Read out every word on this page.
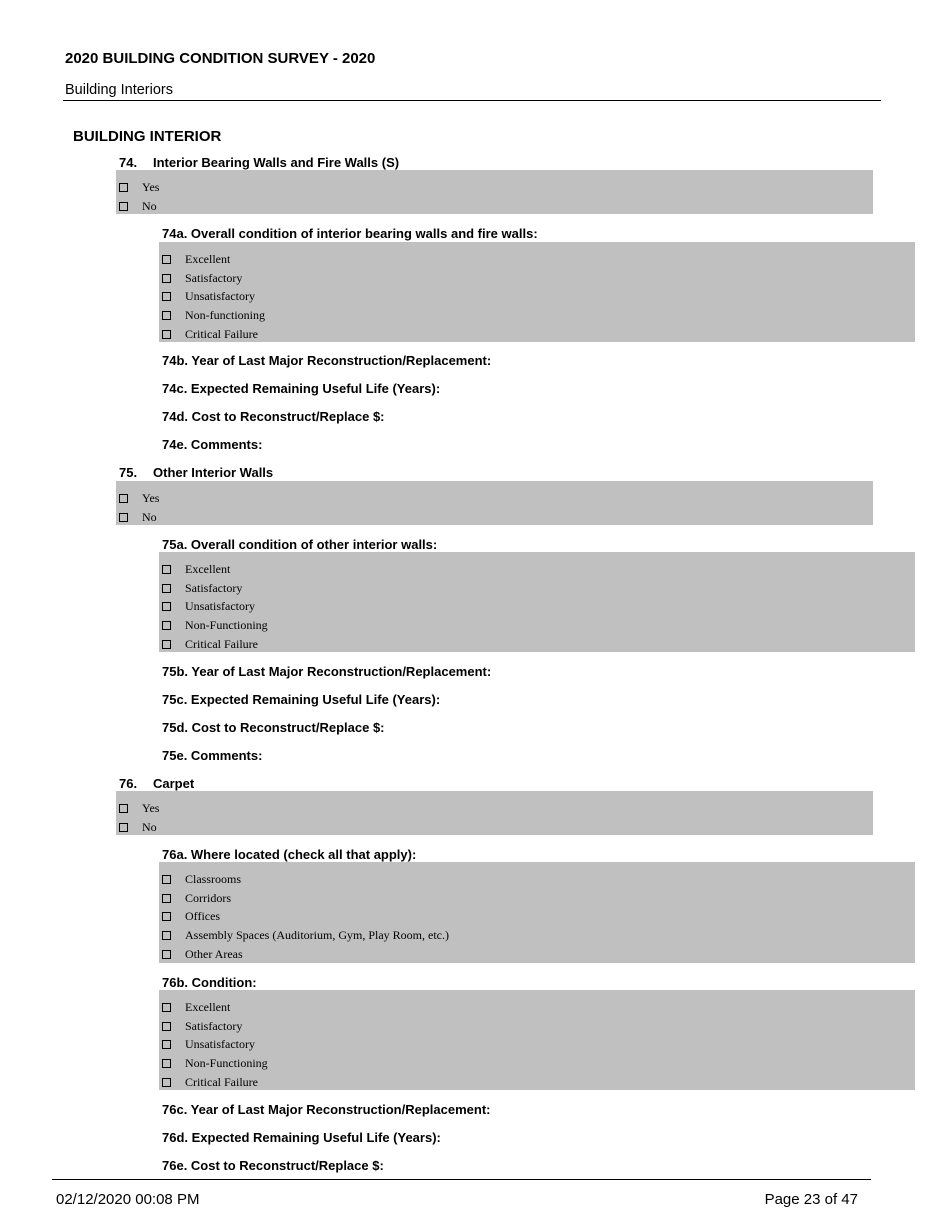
2020 BUILDING CONDITION SURVEY - 2020
Building Interiors
BUILDING INTERIOR
74. Interior Bearing Walls and Fire Walls (S)
Yes
No
74a. Overall condition of interior bearing walls and fire walls:
Excellent
Satisfactory
Unsatisfactory
Non-functioning
Critical Failure
74b. Year of Last Major Reconstruction/Replacement:
74c. Expected Remaining Useful Life (Years):
74d. Cost to Reconstruct/Replace $:
74e. Comments:
75. Other Interior Walls
Yes
No
75a. Overall condition of other interior walls:
Excellent
Satisfactory
Unsatisfactory
Non-Functioning
Critical Failure
75b. Year of Last Major Reconstruction/Replacement:
75c. Expected Remaining Useful Life (Years):
75d. Cost to Reconstruct/Replace $:
75e. Comments:
76. Carpet
Yes
No
76a. Where located (check all that apply):
Classrooms
Corridors
Offices
Assembly Spaces (Auditorium, Gym, Play Room, etc.)
Other Areas
76b. Condition:
Excellent
Satisfactory
Unsatisfactory
Non-Functioning
Critical Failure
76c. Year of Last Major Reconstruction/Replacement:
76d. Expected Remaining Useful Life (Years):
76e. Cost to Reconstruct/Replace $:
02/12/2020 00:08 PM	Page 23 of 47
